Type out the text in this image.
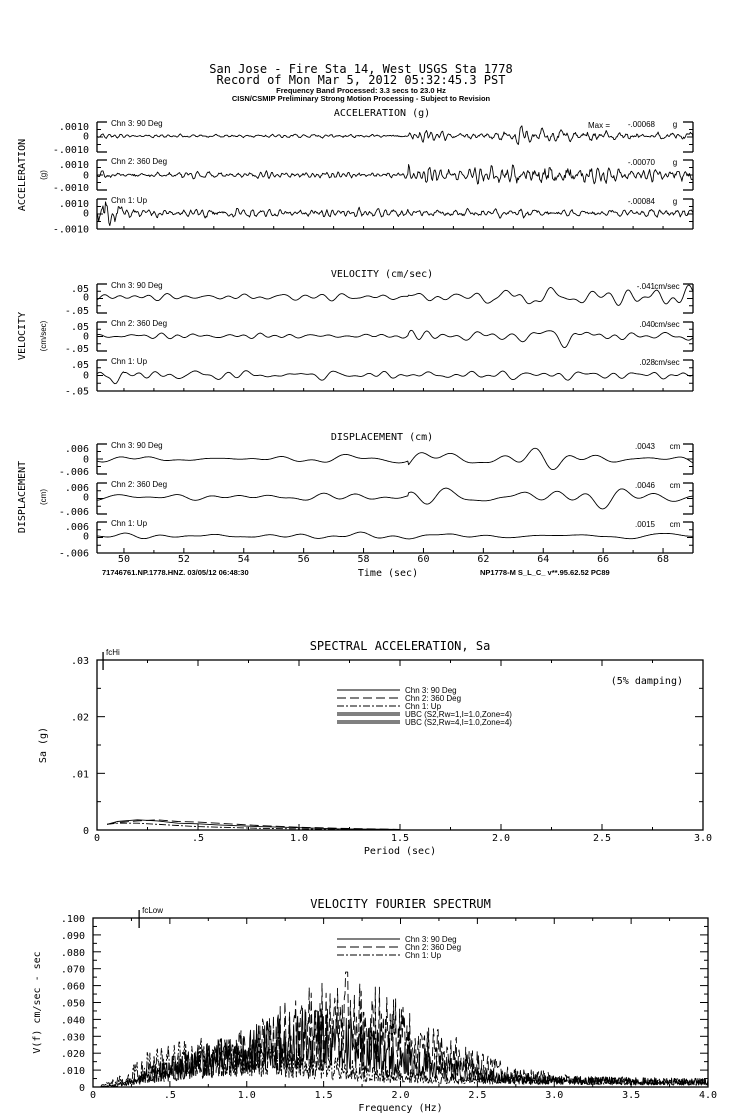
San Jose - Fire Sta 14, West USGS Sta 1778
Record of Mon Mar 5, 2012 05:32:45.3 PST
Frequency Band Processed: 3.3 secs to 23.0 Hz
CISN/CSMIP Preliminary Strong Motion Processing - Subject to Revision
71746761.NP.1778.HNZ. 03/05/12 06:48:30	Time (sec)	NP1778-M S_L_C_ v**.95.62.52 PC89
ACCELERATION (g)
ACCELERATION (g)
.0010
0
-.0010
Chn 3: 90 Deg	Max = -.00068 g
.0010
0
-.0010
Chn 2: 360 Deg	-.00070 g
.0010
0
-.0010
Chn 1: Up	-.00084 g
VELOCITY (cm/sec)
VELOCITY (cm/sec)
.05
0
-.05
Chn 3: 90 Deg	-.041 cm/sec
.05
0
-.05
Chn 2: 360 Deg	.040 cm/sec
.05
0
-.05
Chn 1: Up	.028 cm/sec
DISPLACEMENT (cm)
DISPLACEMENT (cm)
.006
0
-.006
Chn 3: 90 Deg	.0043 cm
.006
0
-.006
Chn 2: 360 Deg	.0046 cm
.006
0
-.006
Chn 1: Up	.0015 cm
50	52	54	56	58	60	62	64	66	68
SPECTRAL ACCELERATION, Sa
Period (sec)
Sa (g)
0	.5	1.0	1.5	2.0	2.5	3.0
0
.01
.02
.03
fcHi
(5% damping)
Chn 3: 90 Deg
Chn 2: 360 Deg
Chn 1: Up
UBC (S2,Rw=1,I=1.0,Zone=4)
UBC (S2,Rw=4,I=1.0,Zone=4)
VELOCITY FOURIER SPECTRUM
Frequency (Hz)
V(f) cm/sec - sec
0	.5	1.0	1.5	2.0	2.5	3.0	3.5	4.0
0
.010
.020
.030
.040
.050
.060
.070
.080
.090
.100
fcLow
Chn 3: 90 Deg
Chn 2: 360 Deg
Chn 1: Up
